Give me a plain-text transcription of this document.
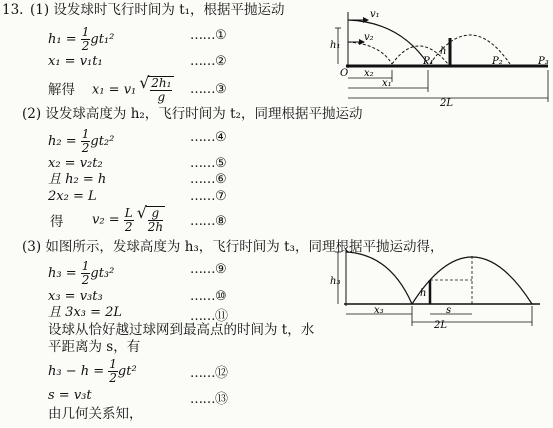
13. (1) 设发球时飞行时间为 t₁，根据平抛运动
$h_1 = \frac{1}{2} gt_1^2$	……①
x₁ = v₁t₁	……②
解得 x₁ = v₁ √ $\frac{\text{2h₁}}{g}$ ……③
(2) 设发球高度为 h₂，飞行时间为 t₂，同理根据平抛运动
$h_2 = \frac{1}{2} gt_2^2$	……④
x₂ = v₂t₂	……⑤
且 h₂ = h	……⑥
2x₂ = L	……⑦
得 $v_2 = \frac{L}{2}$ √ $\frac{g}{2h}$ ……⑧
(3) 如图所示，发球高度为 h₃，飞行时间为 t₃，同理根据平抛运动得，
$h_3 = \frac{1}{2} gt_3^2$	……⑨
x₃ = v₃t₃	……⑩
且 3x₃ = 2L	……⑪
设球从恰好越过球网到最高点的时间为 t，水
平距离为 s，有
$h_3 - h = \frac{1}{2} gt^2$	……⑫
s = v₃t	……⑬
由几何关系知，
v₁
v₂
h₁
O
P₁
h
P₂	P₃
x₂
x₁
2L
h₃
h
x₃	s
2L
